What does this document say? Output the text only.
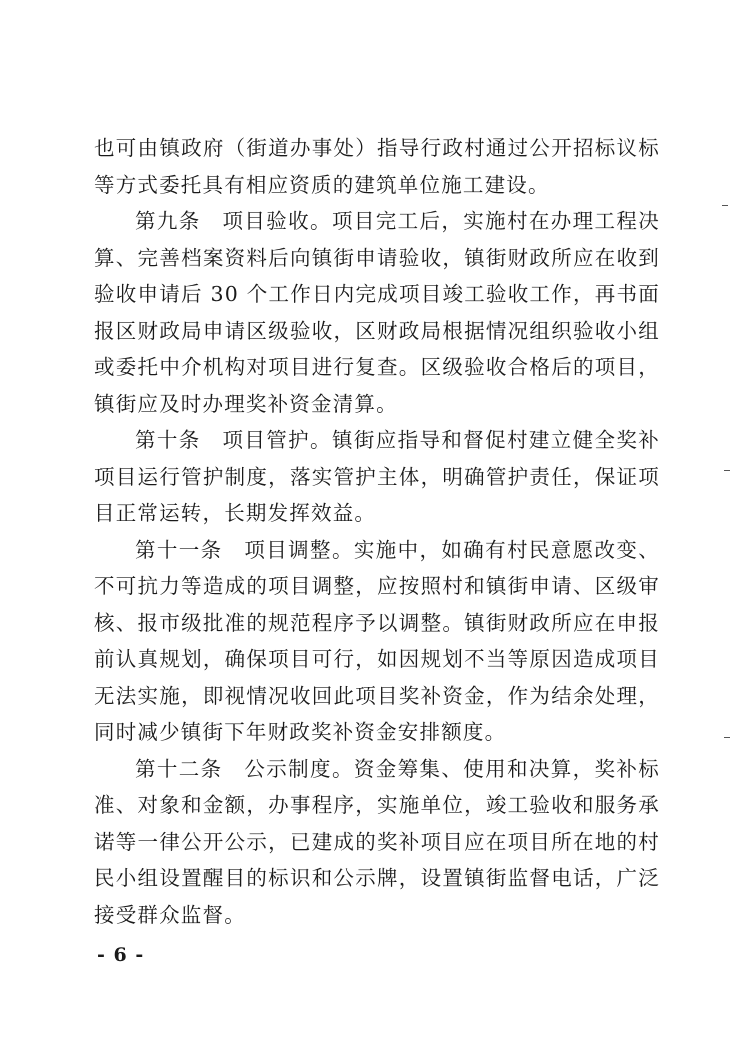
也可由镇政府（街道办事处）指导行政村通过公开招标议标等方式委托具有相应资质的建筑单位施工建设。

第九条　项目验收。项目完工后，实施村在办理工程决算、完善档案资料后向镇街申请验收，镇街财政所应在收到验收申请后 30 个工作日内完成项目竣工验收工作，再书面报区财政局申请区级验收，区财政局根据情况组织验收小组或委托中介机构对项目进行复查。区级验收合格后的项目，镇街应及时办理奖补资金清算。

第十条　项目管护。镇街应指导和督促村建立健全奖补项目运行管护制度，落实管护主体，明确管护责任，保证项目正常运转，长期发挥效益。

第十一条　项目调整。实施中，如确有村民意愿改变、不可抗力等造成的项目调整，应按照村和镇街申请、区级审核、报市级批准的规范程序予以调整。镇街财政所应在申报前认真规划，确保项目可行，如因规划不当等原因造成项目无法实施，即视情况收回此项目奖补资金，作为结余处理，同时减少镇街下年财政奖补资金安排额度。

第十二条　公示制度。资金筹集、使用和决算，奖补标准、对象和金额，办事程序，实施单位，竣工验收和服务承诺等一律公开公示，已建成的奖补项目应在项目所在地的村民小组设置醒目的标识和公示牌，设置镇街监督电话，广泛接受群众监督。

- 6 -
